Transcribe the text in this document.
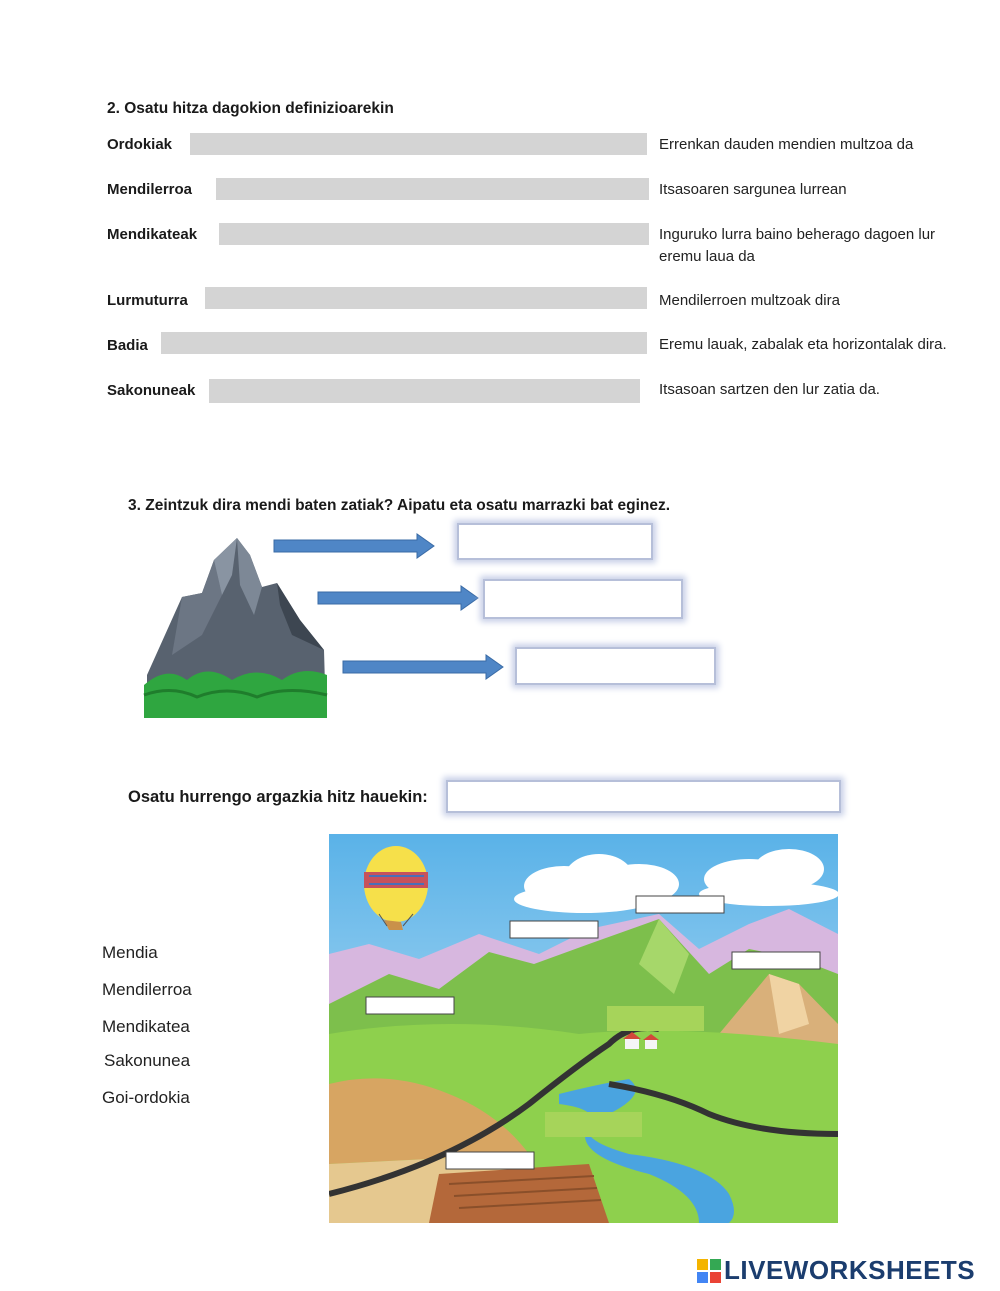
2. Osatu hitza dagokion definizioarekin
Ordokiak	Errenkan dauden mendien multzoa da
Mendilerroa	Itsasoaren sargunea lurrean
Mendikateak	Inguruko lurra baino beherago dagoen lur eremu laua da
Lurmuturra	Mendilerroen multzoak dira
Badia	Eremu lauak, zabalak eta horizontalak dira.
Sakonuneak	Itsasoan sartzen den lur zatia da.
3. Zeintzuk dira mendi baten zatiak? Aipatu eta osatu marrazki bat eginez.
Osatu hurrengo argazkia hitz hauekin:
Mendia
Mendilerroa
Mendikatea
Sakonunea
Goi-ordokia
LIVEWORKSHEETS
